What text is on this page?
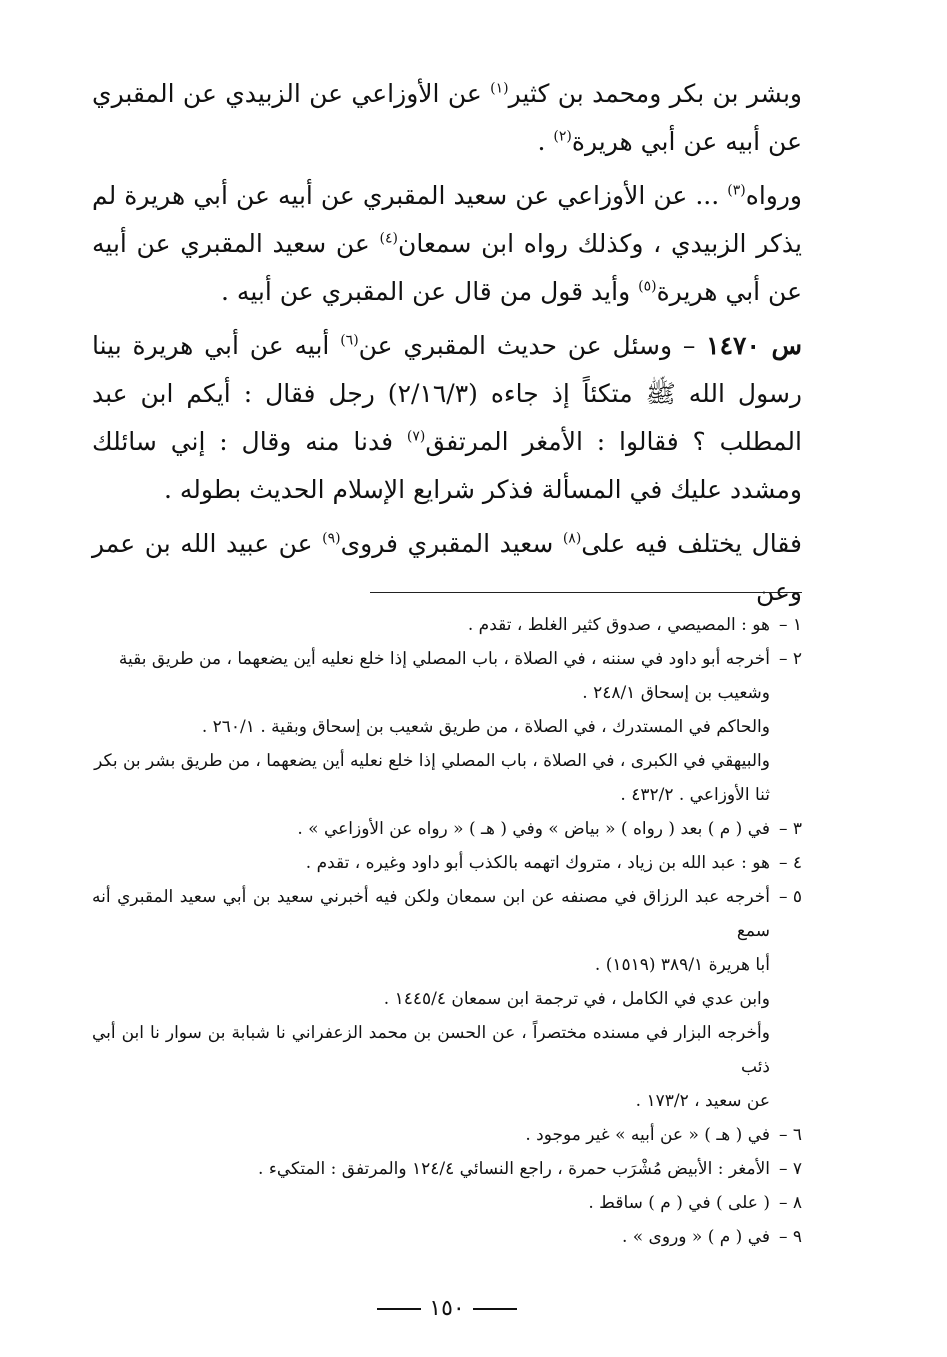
وبشر بن بكر ومحمد بن كثير$^{(١)}$ عن الأوزاعي عن الزبيدي عن المقبري عن أبيه عن أبي هريرة$^{(٢)}$ .

ورواه$^{(٣)}$ ... عن الأوزاعي عن سعيد المقبري عن أبيه عن أبي هريرة لم يذكر الزبيدي ، وكذلك رواه ابن سمعان$^{(٤)}$ عن سعيد المقبري عن أبيه عن أبي هريرة$^{(٥)}$ وأيد قول من قال عن المقبري عن أبيه .

س ١٤٧٠ – وسئل عن حديث المقبري عن$^{(٦)}$ أبيه عن أبي هريرة بينا رسول الله ﷺ متكئاً إذ جاءه (٢/١٦/٣) رجل فقال : أيكم ابن عبد المطلب ؟ فقالوا : الأمغر المرتفق$^{(٧)}$ فدنا منه وقال : إني سائلك ومشدد عليك في المسألة فذكر شرايع الإسلام الحديث بطوله .

فقال يختلف فيه على$^{(٨)}$ سعيد المقبري فروى$^{(٩)}$ عن عبيد الله بن عمر وعن

١ –
هو : المصيصي ، صدوق كثير الغلط ، تقدم .
٢ –
أخرجه أبو داود في سننه ، في الصلاة ، باب المصلي إذا خلع نعليه أين يضعهما ، من طريق بقية
وشعيب بن إسحاق ٢٤٨/١ .
والحاكم في المستدرك ، في الصلاة ، من طريق شعيب بن إسحاق وبقية . ٢٦٠/١ .
والبيهقي في الكبرى ، في الصلاة ، باب المصلي إذا خلع نعليه أين يضعهما ، من طريق بشر بن بكر
ثنا الأوزاعي . ٤٣٢/٢ .
٣ –
في ( م ) بعد ( رواه ) « بياض » وفي ( هـ ) « رواه عن الأوزاعي » .
٤ –
هو : عبد الله بن زياد ، متروك اتهمه بالكذب أبو داود وغيره ، تقدم .
٥ –
أخرجه عبد الرزاق في مصنفه عن ابن سمعان ولكن فيه أخبرني سعيد بن أبي سعيد المقبري أنه سمع
أبا هريرة ٣٨٩/١ (١٥١٩) .
وابن عدي في الكامل ، في ترجمة ابن سمعان ١٤٤٥/٤ .
وأخرجه البزار في مسنده مختصراً ، عن الحسن بن محمد الزعفراني نا شبابة بن سوار نا ابن أبي ذئب
عن سعيد ، ١٧٣/٢ .
٦ –
في ( هـ ) « عن أبيه » غير موجود .
٧ –
الأمغر : الأبيض مُشْرَب حمرة ، راجع النسائي ١٢٤/٤ والمرتفق : المتكيء .
٨ –
( على ) في ( م ) ساقط .
٩ –
في ( م ) « وروى » .
١٥٠
